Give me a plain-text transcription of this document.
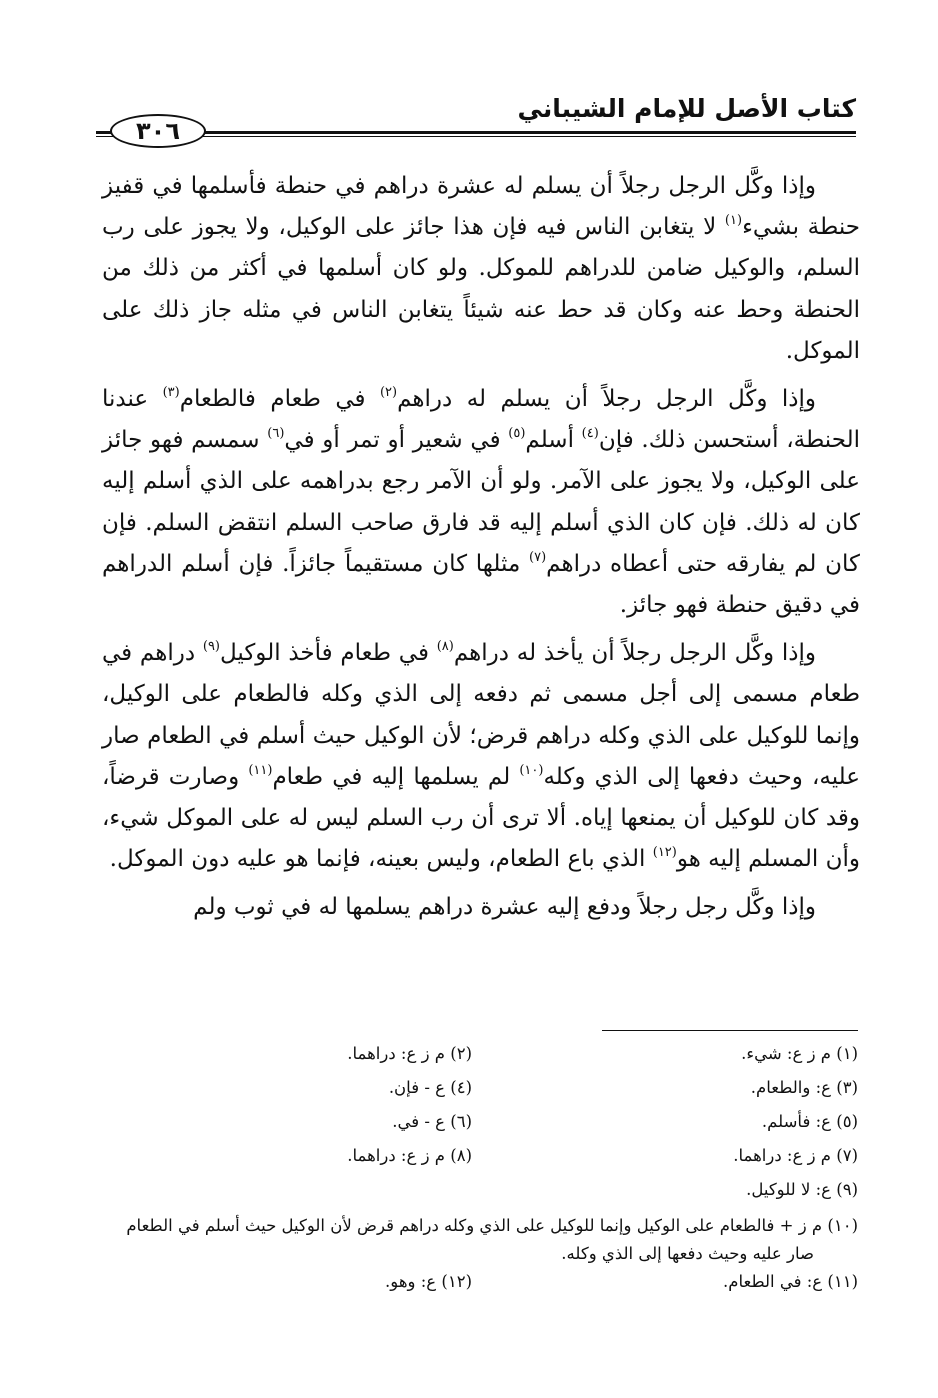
كتاب الأصل للإمام الشيباني
٣٠٦

وإذا وكَّل الرجل رجلاً أن يسلم له عشرة دراهم في حنطة فأسلمها في قفيز حنطة بشيء$^{(١)}$ لا يتغابن الناس فيه فإن هذا جائز على الوكيل، ولا يجوز على رب السلم، والوكيل ضامن للدراهم للموكل. ولو كان أسلمها في أكثر من ذلك من الحنطة وحط عنه وكان قد حط عنه شيئاً يتغابن الناس في مثله جاز ذلك على الموكل.

وإذا وكَّل الرجل رجلاً أن يسلم له دراهم$^{(٢)}$ في طعام فالطعام$^{(٣)}$ عندنا الحنطة، أستحسن ذلك. فإن$^{(٤)}$ أسلم$^{(٥)}$ في شعير أو تمر أو في$^{(٦)}$ سمسم فهو جائز على الوكيل، ولا يجوز على الآمر. ولو أن الآمر رجع بدراهمه على الذي أسلم إليه كان له ذلك. فإن كان الذي أسلم إليه قد فارق صاحب السلم انتقض السلم. فإن كان لم يفارقه حتى أعطاه دراهم$^{(٧)}$ مثلها كان مستقيماً جائزاً. فإن أسلم الدراهم في دقيق حنطة فهو جائز.

وإذا وكَّل الرجل رجلاً أن يأخذ له دراهم$^{(٨)}$ في طعام فأخذ الوكيل$^{(٩)}$ دراهم في طعام مسمى إلى أجل مسمى ثم دفعه إلى الذي وكله فالطعام على الوكيل، وإنما للوكيل على الذي وكله دراهم قرض؛ لأن الوكيل حيث أسلم في الطعام صار عليه، وحيث دفعها إلى الذي وكله$^{(١٠)}$ لم يسلمها إليه في طعام$^{(١١)}$ وصارت قرضاً، وقد كان للوكيل أن يمنعها إياه. ألا ترى أن رب السلم ليس له على الموكل شيء، وأن المسلم إليه هو$^{(١٢)}$ الذي باع الطعام، وليس بعينه، فإنما هو عليه دون الموكل.

وإذا وكَّل رجل رجلاً ودفع إليه عشرة دراهم يسلمها له في ثوب ولم

(١) م ز ع: شيء.
(٢) م ز ع: دراهما.
(٣) ع: والطعام.
(٤) ع - فإن.
(٥) ع: فأسلم.
(٦) ع - في.
(٧) م ز ع: دراهما.
(٨) م ز ع: دراهما.
(٩) ع: لا للوكيل.
(١٠) م ز + فالطعام على الوكيل وإنما للوكيل على الذي وكله دراهم قرض لأن الوكيل حيث أسلم في الطعام صار عليه وحيث دفعها إلى الذي وكله.
(١١) ع: في الطعام.
(١٢) ع: وهو.
